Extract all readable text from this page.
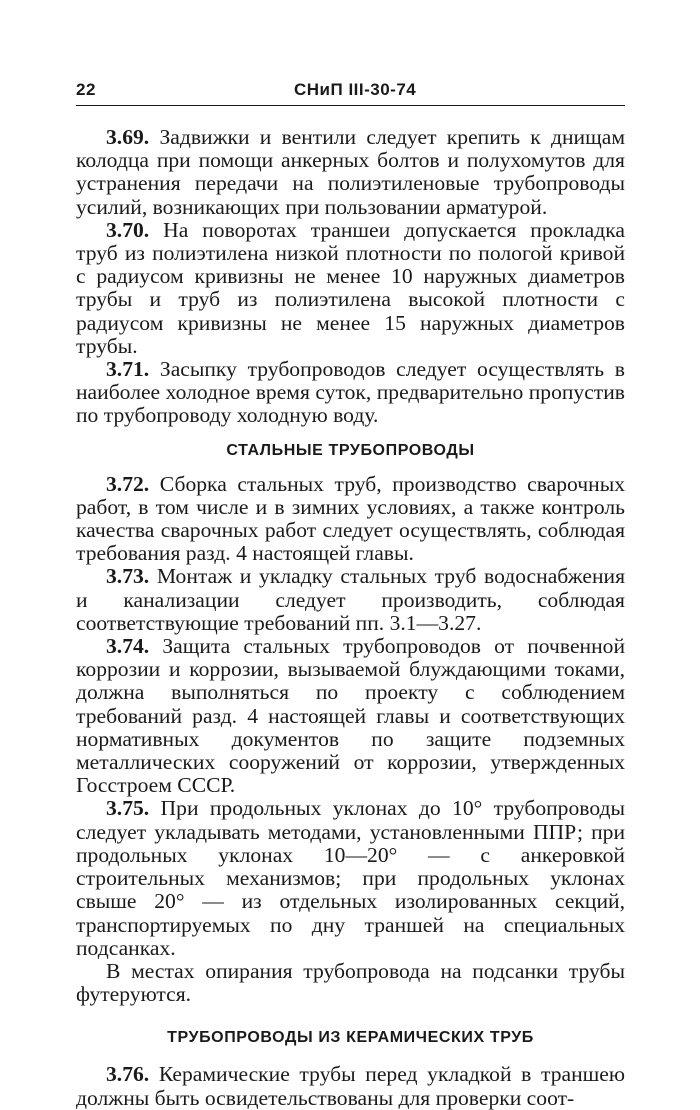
22	СНиП III-30-74

3.69. Задвижки и вентили следует крепить к днищам колодца при помощи анкерных болтов и полухомутов для устранения передачи на полиэтиленовые трубопроводы усилий, возникающих при пользовании арматурой.

3.70. На поворотах траншеи допускается прокладка труб из полиэтилена низкой плотности по пологой кривой с радиусом кривизны не менее 10 наружных диаметров трубы и труб из полиэтилена высокой плотности с радиусом кривизны не менее 15 наружных диаметров трубы.

3.71. Засыпку трубопроводов следует осуществлять в наиболее холодное время суток, предварительно пропустив по трубопроводу холодную воду.

СТАЛЬНЫЕ ТРУБОПРОВОДЫ

3.72. Сборка стальных труб, производство сварочных работ, в том числе и в зимних условиях, а также контроль качества сварочных работ следует осуществлять, соблюдая требования разд. 4 настоящей главы.

3.73. Монтаж и укладку стальных труб водоснабжения и канализации следует производить, соблюдая соответствующие требований пп. 3.1—3.27.

3.74. Защита стальных трубопроводов от почвенной коррозии и коррозии, вызываемой блуждающими токами, должна выполняться по проекту с соблюдением требований разд. 4 настоящей главы и соответствующих нормативных документов по защите подземных металлических сооружений от коррозии, утвержденных Госстроем СССР.

3.75. При продольных уклонах до 10° трубопроводы следует укладывать методами, установленными ППР; при продольных уклонах 10—20° — с анкеровкой строительных механизмов; при продольных уклонах свыше 20° — из отдельных изолированных секций, транспортируемых по дну траншей на специальных подсанках.

В местах опирания трубопровода на подсанки трубы футеруются.

ТРУБОПРОВОДЫ ИЗ КЕРАМИЧЕСКИХ ТРУБ

3.76. Керамические трубы перед укладкой в траншею должны быть освидетельствованы для проверки соот-
